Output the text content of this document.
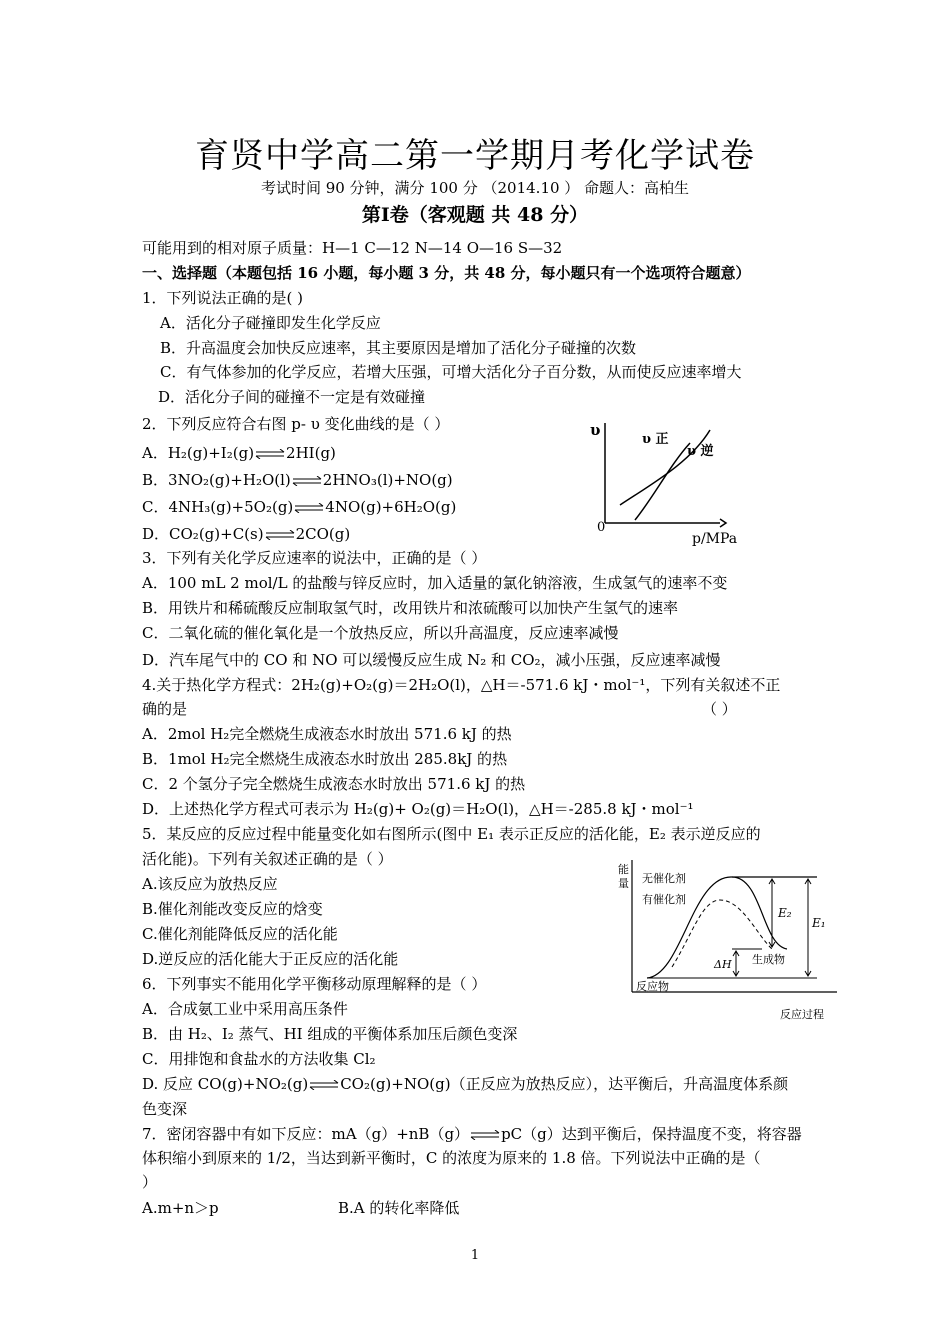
育贤中学高二第一学期月考化学试卷
考试时间 90 分钟，满分 100 分 （2014.10 ） 命题人：高柏生
第Ⅰ卷（客观题 共 48 分）
可能用到的相对原子质量：H—1 C—12 N—14 O—16 S—32
一、选择题（本题包括 16 小题，每小题 3 分，共 48 分，每小题只有一个选项符合题意）
1．下列说法正确的是( )
A．活化分子碰撞即发生化学反应
B．升高温度会加快反应速率，其主要原因是增加了活化分子碰撞的次数
C．有气体参加的化学反应，若增大压强，可增大活化分子百分数，从而使反应速率增大
D．活化分子间的碰撞不一定是有效碰撞
2．下列反应符合右图 p- υ 变化曲线的是（ ）
A．H₂(g)+I₂(g)⇌2HI(g)
B．3NO₂(g)+H₂O(l)⇌2HNO₃(l)+NO(g)
C．4NH₃(g)+5O₂(g)⇌4NO(g)+6H₂O(g)
D．CO₂(g)+C(s)⇌2CO(g)
υ
0
p/MPa
υ 正
υ 逆
3．下列有关化学反应速率的说法中，正确的是（ ）
A．100 mL 2 mol/L 的盐酸与锌反应时，加入适量的氯化钠溶液，生成氢气的速率不变
B．用铁片和稀硫酸反应制取氢气时，改用铁片和浓硫酸可以加快产生氢气的速率
C．二氧化硫的催化氧化是一个放热反应，所以升高温度，反应速率减慢
D．汽车尾气中的 CO 和 NO 可以缓慢反应生成 N₂ 和 CO₂，减小压强，反应速率减慢
4.关于热化学方程式：2H₂(g)+O₂(g)＝2H₂O(l)，△H＝-571.6 kJ・mol⁻¹，下列有关叙述不正
确的是	（ ）
A．2mol H₂完全燃烧生成液态水时放出 571.6 kJ 的热
B．1mol H₂完全燃烧生成液态水时放出 285.8kJ 的热
C．2 个氢分子完全燃烧生成液态水时放出 571.6 kJ 的热
D．上述热化学方程式可表示为 H₂(g)+ O₂(g)＝H₂O(l)，△H＝-285.8 kJ・mol⁻¹
5．某反应的反应过程中能量变化如右图所示(图中 E₁ 表示正反应的活化能，E₂ 表示逆反应的
活化能)。下列有关叙述正确的是（ ）
A.该反应为放热反应
B.催化剂能改变反应的焓变
C.催化剂能降低反应的活化能
D.逆反应的活化能大于正反应的活化能
能量 无催化剂
有催化剂
E₂
E₁
ΔH 生成物
反应物
反应过程
6．下列事实不能用化学平衡移动原理解释的是（ ）
A．合成氨工业中采用高压条件
B．由 H₂、I₂ 蒸气、HI 组成的平衡体系加压后颜色变深
C．用排饱和食盐水的方法收集 Cl₂
D. 反应 CO(g)+NO₂(g)⇌CO₂(g)+NO(g)（正反应为放热反应），达平衡后，升高温度体系颜
色变深
7．密闭容器中有如下反应：mA（g）+nB（g）⇌pC（g）达到平衡后，保持温度不变，将容器
体积缩小到原来的 1/2，当达到新平衡时，C 的浓度为原来的 1.8 倍。下列说法中正确的是（
）
A.m+n＞p	B.A 的转化率降低
1
